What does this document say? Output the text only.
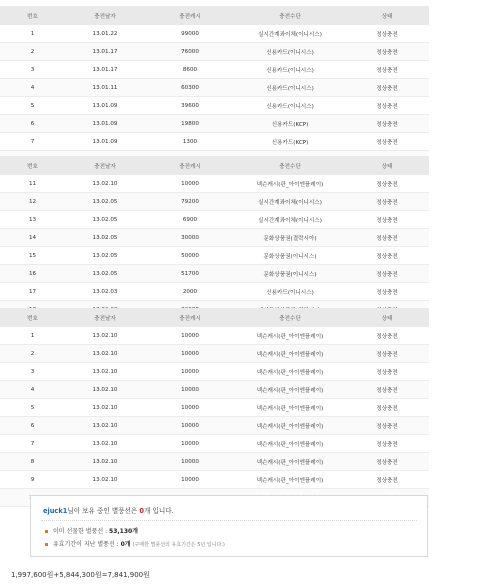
번호	충전날자	충전캐시	충전수단	상태
1	13.01.22	99000	실시간계좌이체(이니시스)	정상충전
2	13.01.17	76000	신용카드(이니시스)	정상충전
3	13.01.17	8600	신용카드(이니시스)	정상충전
4	13.01.11	60300	신용카드(이니시스)	정상충전
5	13.01.09	39600	신용카드(이니시스)	정상충전
6	13.01.09	19800	신용카드(KCP)	정상충전
7	13.01.09	1300	신용카드(KCP)	정상충전

번호	충전날자	충전캐시	충전수단	상태
11	13.02.10	10000	넥슨캐시(판_아이엔플레이)	정상충전
12	13.02.05	79200	실시간계좌이체(이니시스)	정상충전
13	13.02.05	6900	실시간계좌이체(이니시스)	정상충전
14	13.02.05	30000	문화상품권(결락시아)	정상충전
15	13.02.05	50000	문화상품권(이니시스)	정상충전
16	13.02.05	51700	문화상품권(이니시스)	정상충전
17	13.02.03	2000	신용카드(이니시스)	정상충전

번호	충전날자	충전캐시	충전수단	상태
1	13.02.10	10000	넥슨캐시(판_아이엔플레이)	정상충전
2	13.02.10	10000	넥슨캐시(판_아이엔플레이)	정상충전
3	13.02.10	10000	넥슨캐시(판_아이엔플레이)	정상충전
4	13.02.10	10000	넥슨캐시(판_아이엔플레이)	정상충전
5	13.02.10	10000	넥슨캐시(판_아이엔플레이)	정상충전
6	13.02.10	10000	넥슨캐시(판_아이엔플레이)	정상충전
7	13.02.10	10000	넥슨캐시(판_아이엔플레이)	정상충전
8	13.02.10	10000	넥슨캐시(판_아이엔플레이)	정상충전
9	13.02.10	10000	넥슨캐시(판_아이엔플레이)	정상충전

ejuck1님이 보유 중인 별풍선은 0개 입니다.
이미 선물한 별풍선 : 53,130개
유효기간이 지난 별풍선 : 0개 (구매한 별풍선의 유효기간은 5년 입니다.)
1,997,600원+5,844,300원=7,841,900원
